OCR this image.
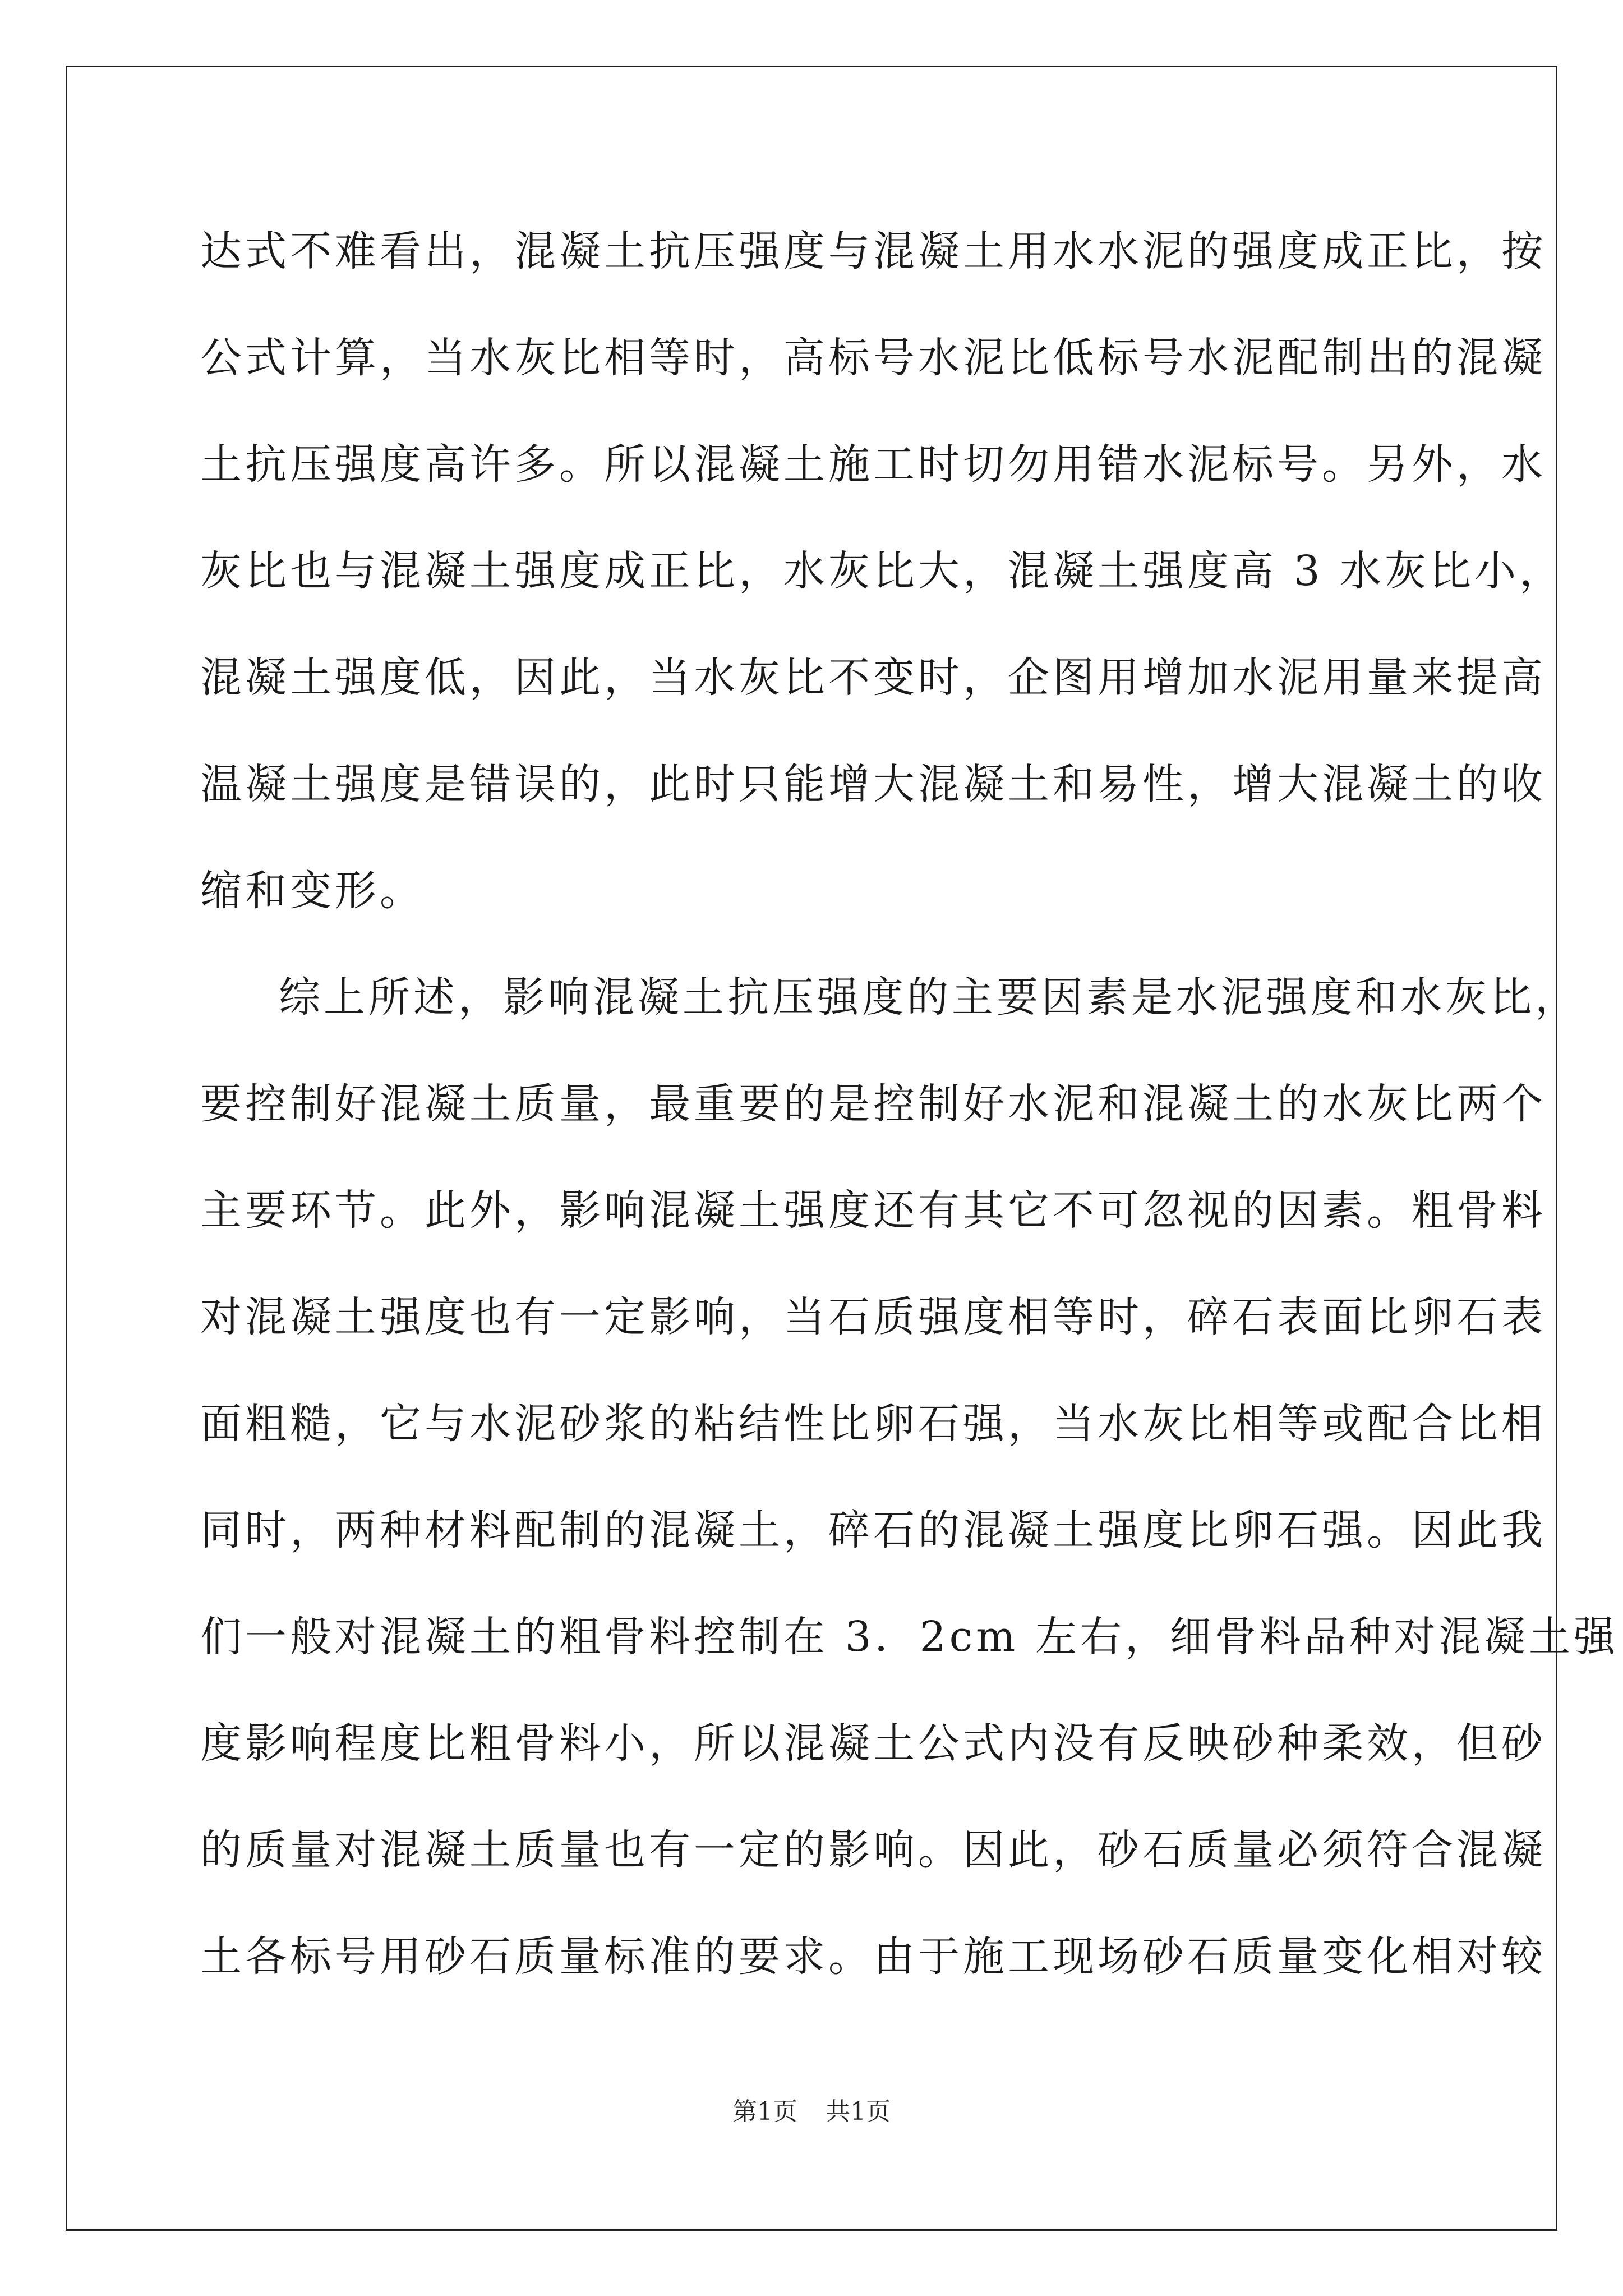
达式不难看出，混凝土抗压强度与混凝土用水水泥的强度成正比，按
公式计算，当水灰比相等时，高标号水泥比低标号水泥配制出的混凝
土抗压强度高许多。所以混凝土施工时切勿用错水泥标号。另外，水
灰比也与混凝土强度成正比，水灰比大，混凝土强度高 3 水灰比小，
混凝土强度低，因此，当水灰比不变时，企图用增加水泥用量来提高
温凝土强度是错误的，此时只能增大混凝土和易性，增大混凝土的收
缩和变形。
综上所述，影响混凝土抗压强度的主要因素是水泥强度和水灰比，
要控制好混凝土质量，最重要的是控制好水泥和混凝土的水灰比两个
主要环节。此外，影响混凝土强度还有其它不可忽视的因素。粗骨料
对混凝土强度也有一定影响，当石质强度相等时，碎石表面比卵石表
面粗糙，它与水泥砂浆的粘结性比卵石强，当水灰比相等或配合比相
同时，两种材料配制的混凝土，碎石的混凝土强度比卵石强。因此我
们一般对混凝土的粗骨料控制在 3．2cm 左右，细骨料品种对混凝土强
度影响程度比粗骨料小，所以混凝土公式内没有反映砂种柔效，但砂
的质量对混凝土质量也有一定的影响。因此，砂石质量必须符合混凝
土各标号用砂石质量标准的要求。由于施工现场砂石质量变化相对较
第1页 共1页
